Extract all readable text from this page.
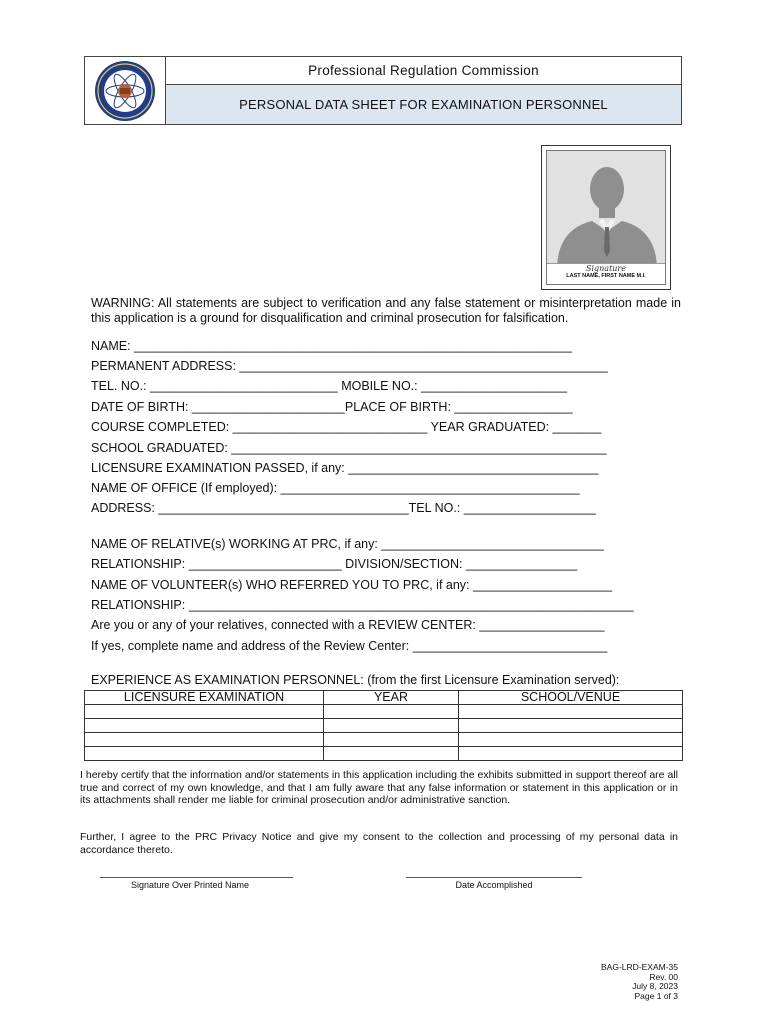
Professional Regulation Commission
PERSONAL DATA SHEET FOR EXAMINATION PERSONNEL
Signature
LAST NAME, FIRST NAME M.I.
WARNING: All statements are subject to verification and any false statement or misinterpretation made in this application is a ground for disqualification and criminal prosecution for falsification.
NAME: _______________________________________________________________
PERMANENT ADDRESS: _____________________________________________________
TEL. NO.: ___________________________ MOBILE NO.: _____________________
DATE OF BIRTH: ______________________PLACE OF BIRTH: _________________
COURSE COMPLETED: ____________________________ YEAR GRADUATED: _______
SCHOOL GRADUATED: ______________________________________________________
LICENSURE EXAMINATION PASSED, if any: ____________________________________
NAME OF OFFICE (If employed): ___________________________________________
ADDRESS: ____________________________________TEL NO.: ___________________
NAME OF RELATIVE(s) WORKING AT PRC, if any: ________________________________
RELATIONSHIP: ______________________ DIVISION/SECTION: ________________
NAME OF VOLUNTEER(s) WHO REFERRED YOU TO PRC, if any: ____________________
RELATIONSHIP: ________________________________________________________________
Are you or any of your relatives, connected with a REVIEW CENTER: __________________
If yes, complete name and address of the Review Center: ____________________________
EXPERIENCE AS EXAMINATION PERSONNEL: (from the first Licensure Examination served):
LICENSURE EXAMINATION	YEAR	SCHOOL/VENUE

I hereby certify that the information and/or statements in this application including the exhibits submitted in support thereof are all true and correct of my own knowledge, and that I am fully aware that any false information or statement in this application or in its attachments shall render me liable for criminal prosecution and/or administrative sanction.
Further, I agree to the PRC Privacy Notice and give my consent to the collection and processing of my personal data in accordance thereto.
Signature Over Printed Name	Date Accomplished
BAG-LRD-EXAM-35
Rev. 00
July 8, 2023
Page 1 of 3
